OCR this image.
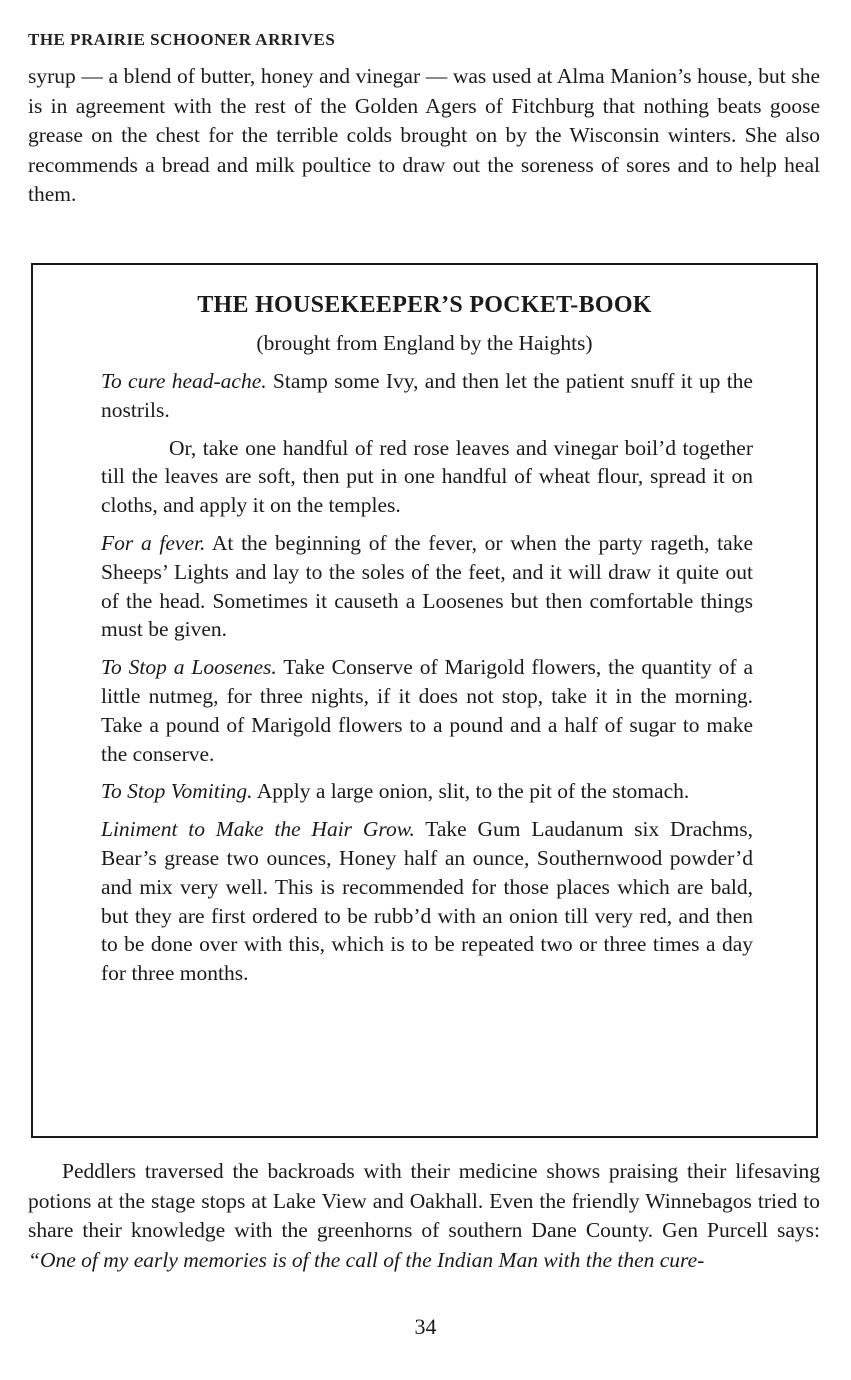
THE PRAIRIE SCHOONER ARRIVES

syrup — a blend of butter, honey and vinegar — was used at Alma Manion’s house, but she is in agreement with the rest of the Golden Agers of Fitchburg that nothing beats goose grease on the chest for the terrible colds brought on by the Wisconsin winters. She also recommends a bread and milk poultice to draw out the soreness of sores and to help heal them.

THE HOUSEKEEPER’S POCKET-BOOK
(brought from England by the Haights)

To cure head-ache. Stamp some Ivy, and then let the patient snuff it up the nostrils.

Or, take one handful of red rose leaves and vinegar boil’d together till the leaves are soft, then put in one handful of wheat flour, spread it on cloths, and apply it on the temples.

For a fever. At the beginning of the fever, or when the party rageth, take Sheeps’ Lights and lay to the soles of the feet, and it will draw it quite out of the head. Sometimes it causeth a Loosenes but then comfortable things must be given.

To Stop a Loosenes. Take Conserve of Marigold flowers, the quantity of a little nutmeg, for three nights, if it does not stop, take it in the morning. Take a pound of Marigold flowers to a pound and a half of sugar to make the conserve.

To Stop Vomiting. Apply a large onion, slit, to the pit of the stomach.

Liniment to Make the Hair Grow. Take Gum Laudanum six Drachms, Bear’s grease two ounces, Honey half an ounce, Southernwood powder’d and mix very well. This is recommended for those places which are bald, but they are first ordered to be rubb’d with an onion till very red, and then to be done over with this, which is to be repeated two or three times a day for three months.

Peddlers traversed the backroads with their medicine shows praising their lifesaving potions at the stage stops at Lake View and Oakhall. Even the friendly Winnebagos tried to share their knowledge with the greenhorns of southern Dane County. Gen Purcell says: “One of my early memories is of the call of the Indian Man with the then cure-

34
